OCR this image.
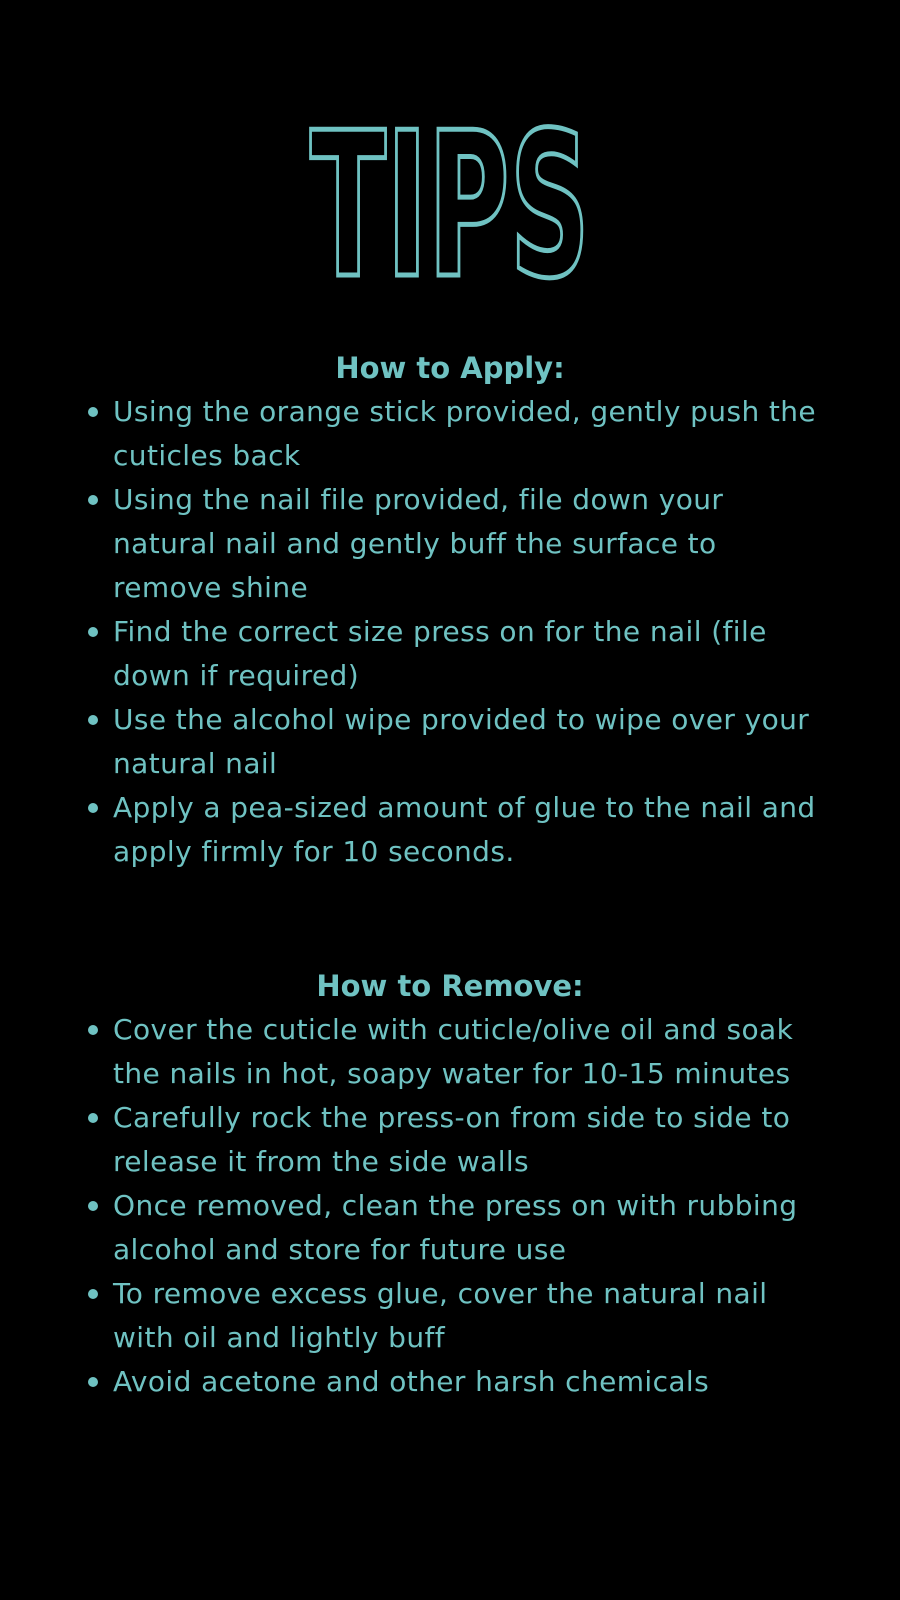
TIPS
How to Apply:
Using the orange stick provided, gently push the cuticles back
Using the nail file provided, file down your natural nail and gently buff the surface to remove shine
Find the correct size press on for the nail (file down if required)
Use the alcohol wipe provided to wipe over your natural nail
Apply a pea-sized amount of glue to the nail and apply firmly for 10 seconds.
How to Remove:
Cover the cuticle with cuticle/olive oil and soak the nails in hot, soapy water for 10-15 minutes
Carefully rock the press-on from side to side to release it from the side walls
Once removed, clean the press on with rubbing alcohol and store for future use
To remove excess glue, cover the natural nail with oil and lightly buff
Avoid acetone and other harsh chemicals
